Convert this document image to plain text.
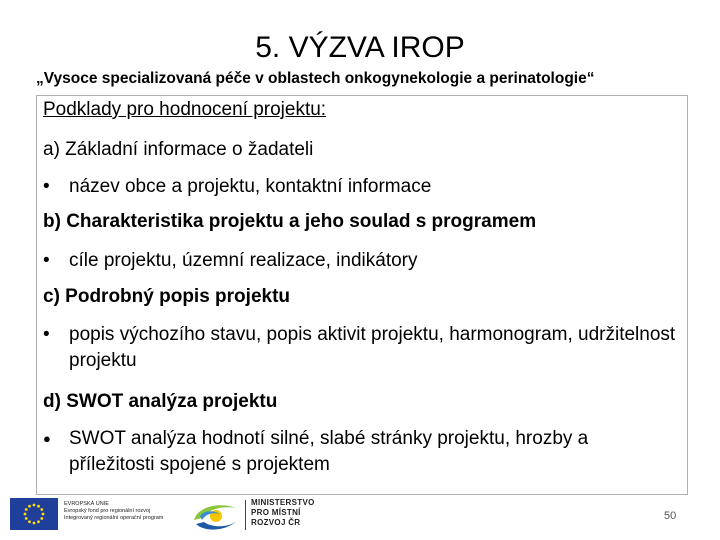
5. VÝZVA IROP
„Vysoce specializovaná péče v oblastech onkogynekologie a perinatologie“
Podklady pro hodnocení projektu:
a) Základní informace o žadateli
•	název obce a projektu, kontaktní informace
b) Charakteristika projektu a jeho soulad s programem
•	cíle projektu, územní realizace, indikátory
c) Podrobný popis projektu
•	popis výchozího stavu, popis aktivit projektu, harmonogram, udržitelnost projektu
d) SWOT analýza projektu
● SWOT analýza hodnotí silné, slabé stránky projektu, hrozby a příležitosti spojené s projektem
EVROPSKÁ UNIE
Evropský fond pro regionální rozvoj
Integrovaný regionální operační program
MINISTERSTVO
PRO MÍSTNÍ
ROZVOJ ČR
50
